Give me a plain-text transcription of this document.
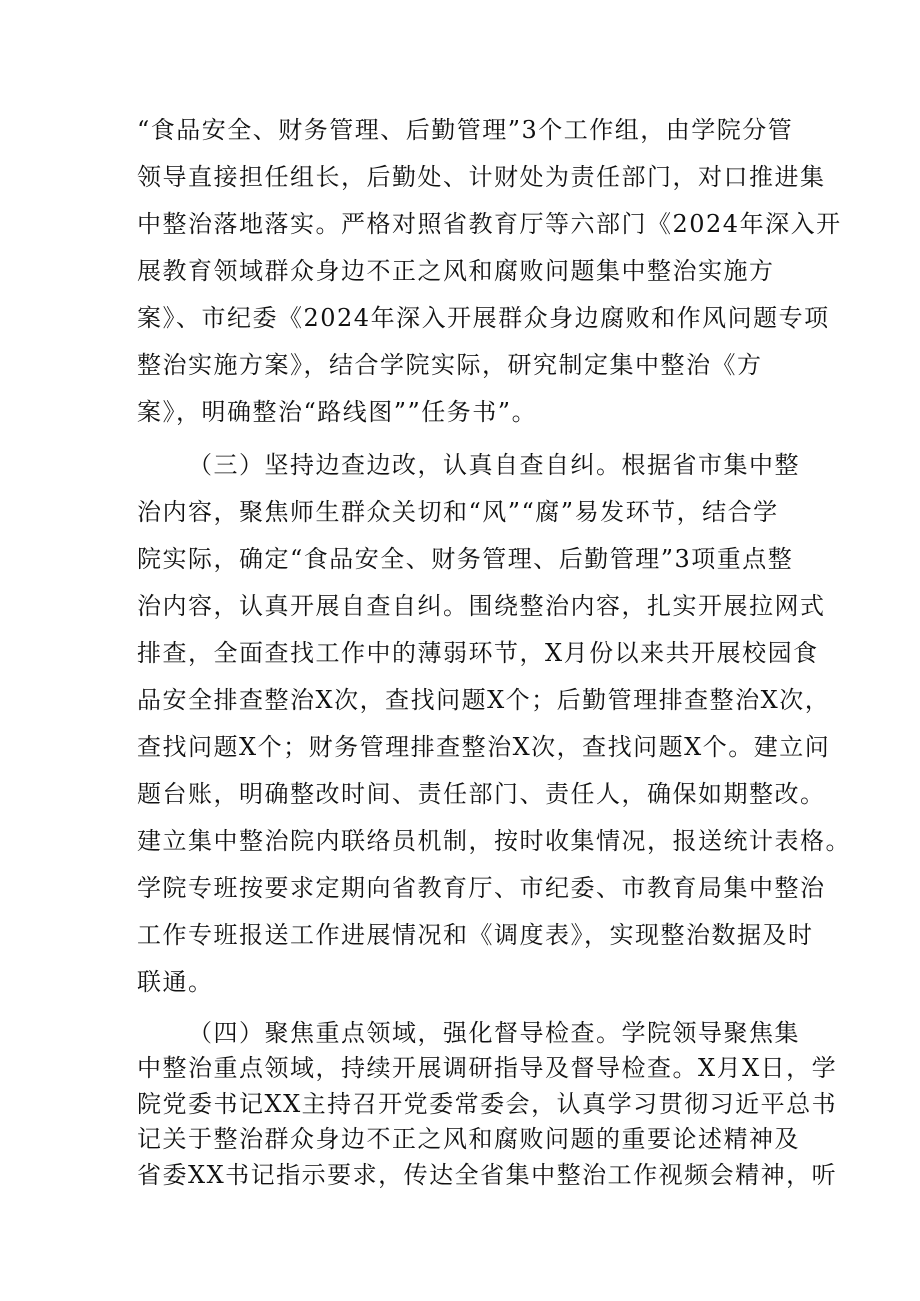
“食品安全、财务管理、后勤管理”3个工作组，由学院分管
领导直接担任组长，后勤处、计财处为责任部门，对口推进集
中整治落地落实。严格对照省教育厅等六部门《2024年深入开
展教育领域群众身边不正之风和腐败问题集中整治实施方
案》、市纪委《2024年深入开展群众身边腐败和作风问题专项
整治实施方案》，结合学院实际，研究制定集中整治《方
案》，明确整治“路线图””任务书”。
（三）坚持边查边改，认真自查自纠。根据省市集中整
治内容，聚焦师生群众关切和“风”“腐”易发环节，结合学
院实际，确定“食品安全、财务管理、后勤管理”3项重点整
治内容，认真开展自查自纠。围绕整治内容，扎实开展拉网式
排查，全面查找工作中的薄弱环节，X月份以来共开展校园食
品安全排查整治X次，查找问题X个；后勤管理排查整治X次，
查找问题X个；财务管理排查整治X次，查找问题X个。建立问
题台账，明确整改时间、责任部门、责任人，确保如期整改。
建立集中整治院内联络员机制，按时收集情况，报送统计表格。
学院专班按要求定期向省教育厅、市纪委、市教育局集中整治
工作专班报送工作进展情况和《调度表》，实现整治数据及时
联通。
（四）聚焦重点领域，强化督导检查。学院领导聚焦集
中整治重点领域，持续开展调研指导及督导检查。X月X日，学
院党委书记XX主持召开党委常委会，认真学习贯彻习近平总书
记关于整治群众身边不正之风和腐败问题的重要论述精神及
省委XX书记指示要求，传达全省集中整治工作视频会精神，听
